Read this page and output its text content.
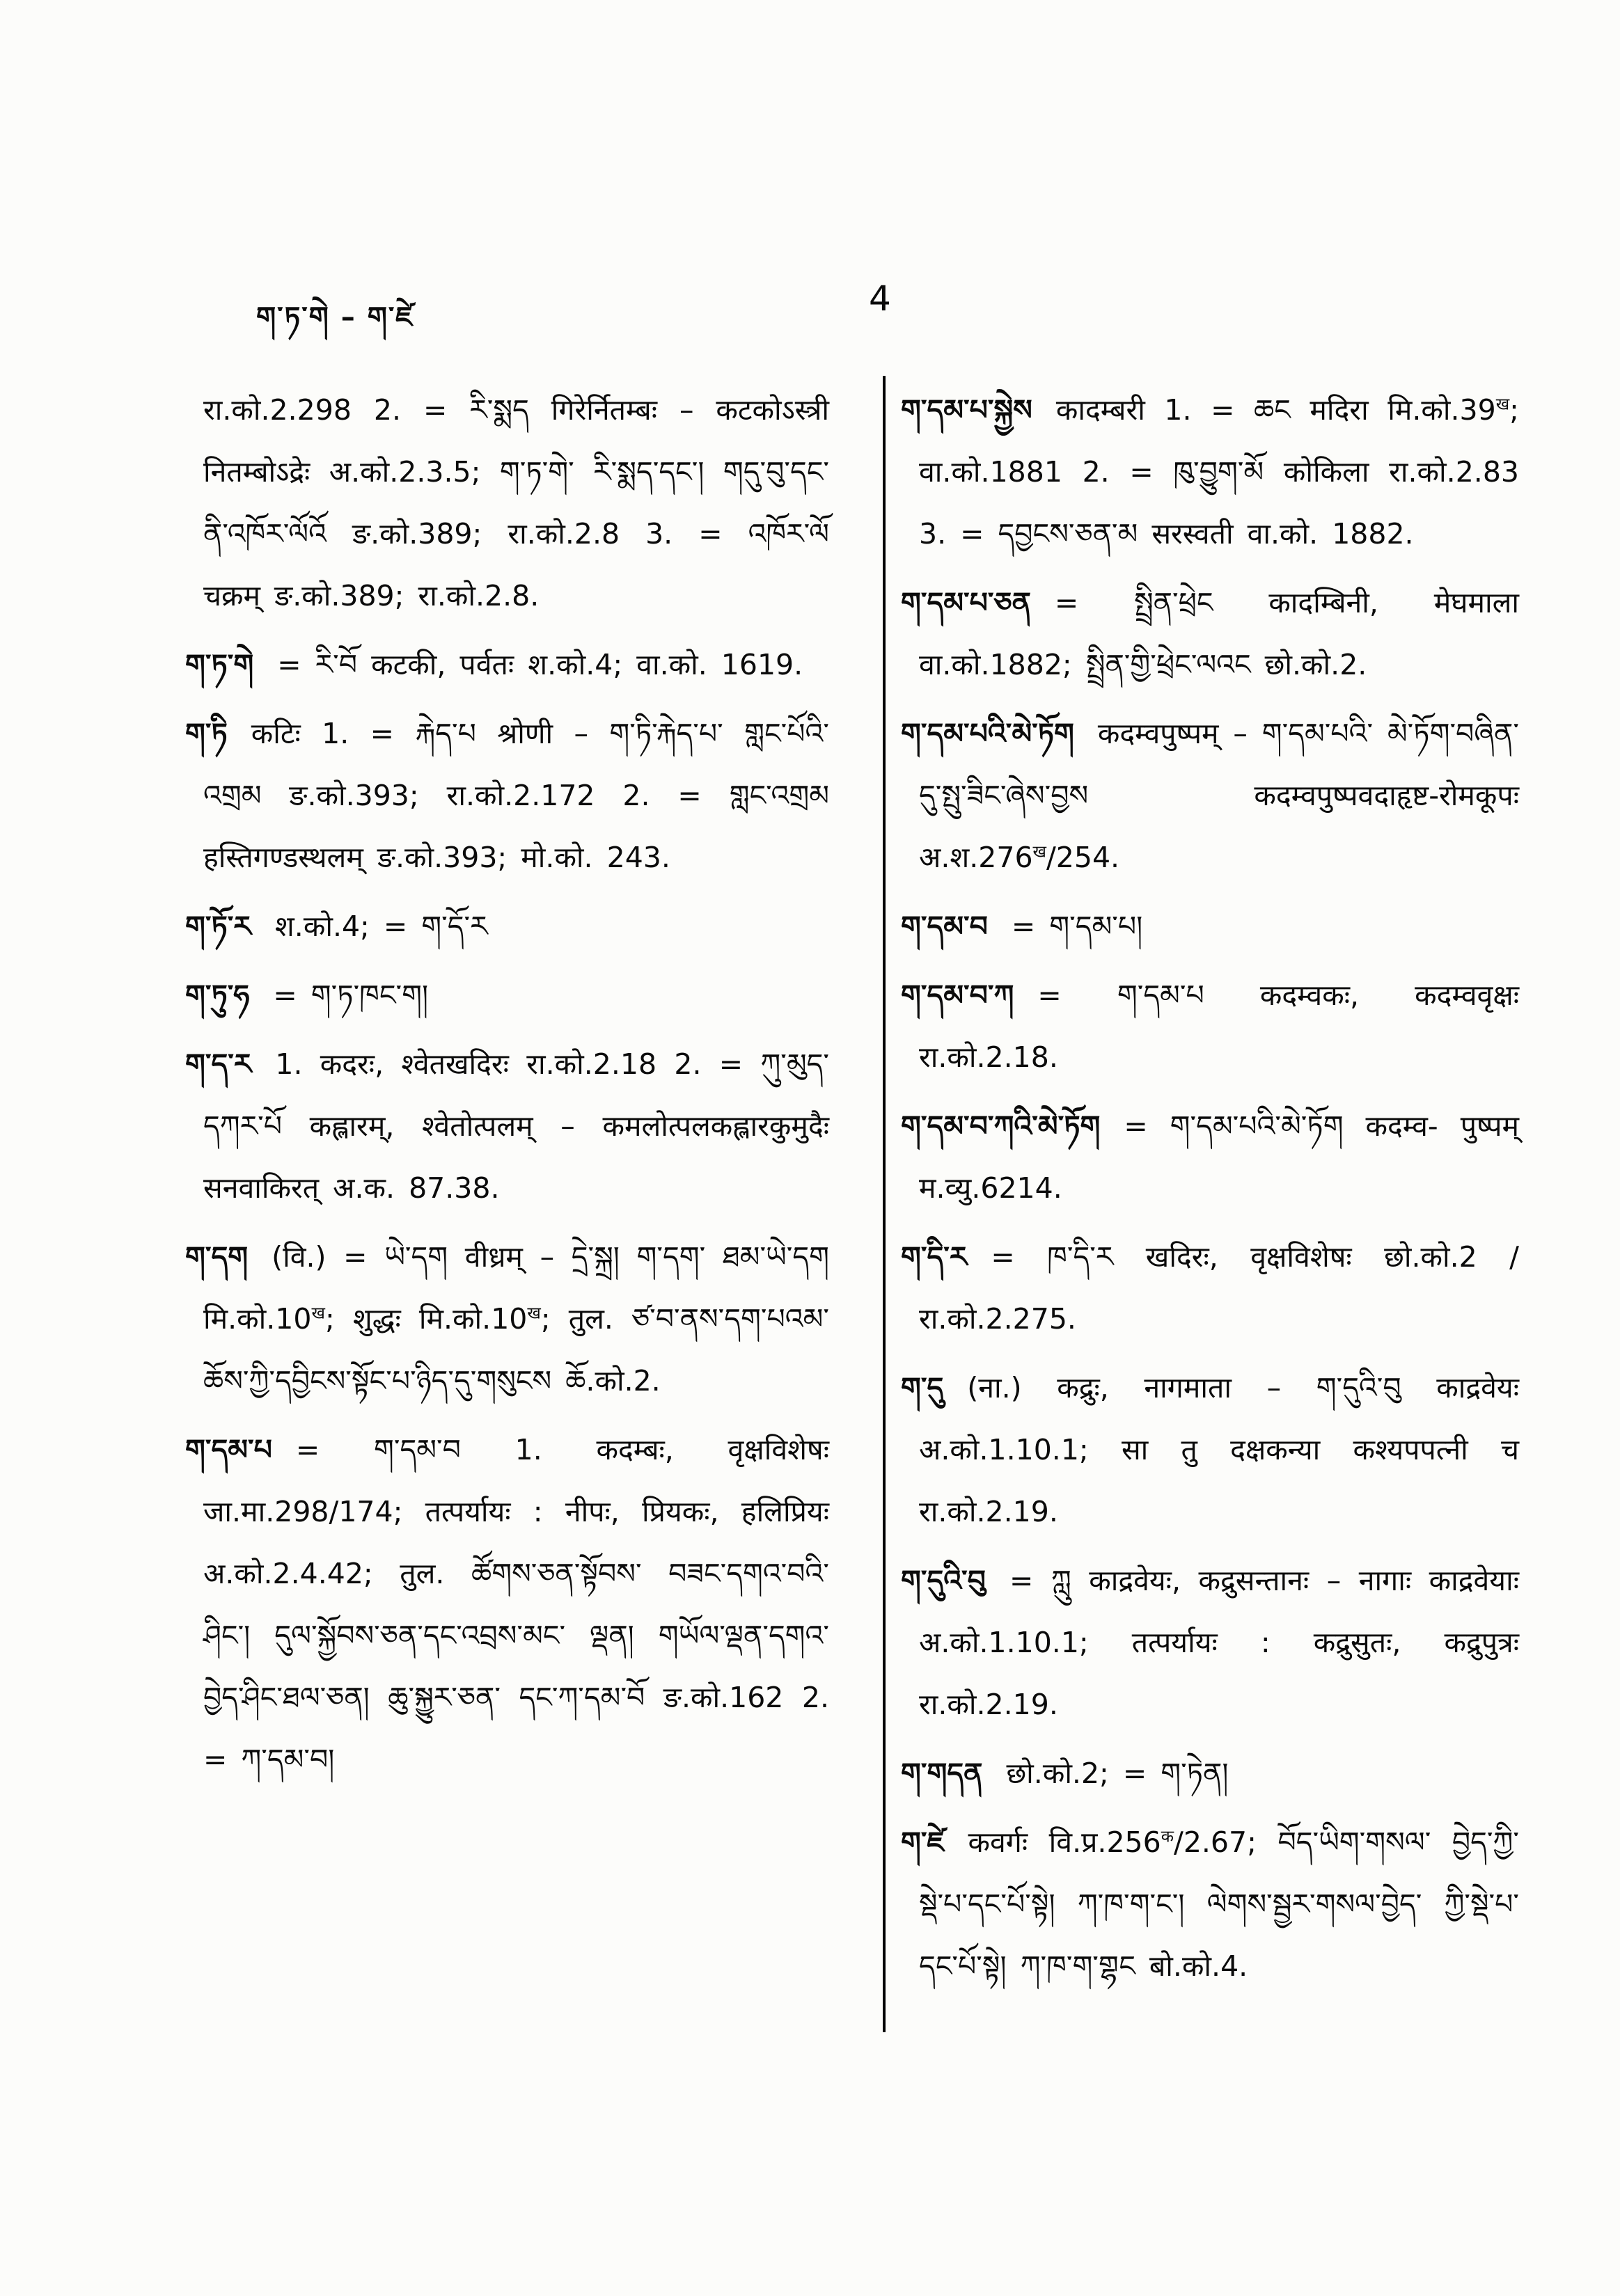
ག་ཏ་གེ – ག་ཛེ	4

रा.को.2.298 2. = རི་སྨད गिरेर्नितम्बः – कटकोऽस्त्री नितम्बोऽद्रेः अ.को.2.3.5; ག་ཏ་གེ་ རི་སྨད་དང་། གདུ་བུ་དང་ནི་འཁོར་ལོའོ ङ.को.389; रा.को.2.8 3. = འཁོར་ལོ चक्रम् ङ.को.389; रा.को.2.8.

ག་ཏ་གེ = རི་བོ कटकी, पर्वतः श.को.4; वा.को. 1619.

ག་ཏི कटिः 1. = རྐེད་པ श्रोणी – ག་ཏི་རྐེད་པ་ གླང་པོའི་འགྲམ ङ.को.393; रा.को.2.172 2. = གླང་འགྲམ हस्तिगण्डस्थलम् ङ.को.393; मो.को. 243.

ག་ཏོ་ར श.को.4; = ག་དོ་ར

ག་ཏུ་ཧ = ག་ཏ་ཁང་ག།

ག་ད་ར 1. कदरः, श्वेतखदिरः रा.को.2.18 2. = ཀུ་མུད་དཀར་པོ कह्लारम्, श्वेतोत्पलम् – कमलोत्पलकह्लारकुमुदैः सनवाकिरत् अ.क. 87.38.

ག་དག (वि.) = ཡེ་དག वीध्रम् – དྲེ་སྐྲ། ག་དག་ ཐམ་ཡེ་དག $मि.को.10^ख$; शुद्धः $मि.को.10^ख$; तुल. ཙ་བ་ནས་དག་པའམ་ཆོས་ཀྱི་དབྱིངས་སྟོང་པ་ཉིད་དུ་གསུངས ཆོ.को.2.

ག་དམ་པ = ག་དམ་བ 1. कदम्बः, वृक्षविशेषः जा.मा.298/174; तत्पर्यायः : नीपः, प्रियकः, हलिप्रियः अ.को.2.4.42; तुल. ཚོགས་ཅན་སྟོབས་ བཟང་དགའ་བའི་ཤིང་། དུལ་སྐྱོབས་ཅན་དང་འབྲས་མང་ ལྡན། གཡོལ་ལྡན་དགའ་བྱེད་ཤིང་ཐལ་ཅན། ཆུ་སྐྱུར་ཅན་ དང་ཀ་དམ་བོ ङ.को.162 2. = ཀ་དམ་བ།

ག་དམ་པ་སྐྱེས कादम्बरी 1. = ཆང मदिरा $मि.को.39^ख$; वा.को.1881 2. = ཁུ་བྱུག་མོ कोकिला रा.को.2.83 3. = དབྱངས་ཅན་མ सरस्वती वा.को. 1882.

ག་དམ་པ་ཅན = སྤྲིན་ཕྲེང कादम्बिनी, मेघमाला वा.को.1882; སྤྲིན་གྱི་ཕྲེང་ལའང छो.को.2.

ག་དམ་པའི་མེ་ཏོག कदम्वपुष्पम् – ག་དམ་པའི་ མེ་ཏོག་བཞིན་དུ་སྤུ་ཟིང་ཞེས་བྱས कदम्वपुष्पवदाहृष्ट-रोमकूपः $अ.श.276^ख/254$.

ག་དམ་བ = ག་དམ་པ།

ག་དམ་བ་ཀ = ག་དམ་པ कदम्वकः, कदम्ववृक्षः रा.को.2.18.

ག་དམ་བ་ཀའི་མེ་ཏོག = ག་དམ་པའི་མེ་ཏོག कदम्व- पुष्पम् म.व्यु.6214.

ག་དི་ར = ཁ་དི་ར खदिरः, वृक्षविशेषः छो.को.2 / रा.को.2.275.

ག་དུ (ना.) कद्रुः, नागमाता – ག་དུའི་བུ काद्रवेयः अ.को.1.10.1; सा तु दक्षकन्या कश्यपपत्नी च रा.को.2.19.

ག་དུའི་བུ = ཀླུ काद्रवेयः, कद्रुसन्तानः – नागाः काद्रवेयाः अ.को.1.10.1; तत्पर्यायः : कद्रुसुतः, कद्रुपुत्रः रा.को.2.19.

ག་གདན छो.को.2; = ག་ཏེན།

ག་ཛེ कवर्गः $वि.प्र.256^क/2.67$; བོད་ཡིག་གསལ་ བྱེད་ཀྱི་སྡེ་པ་དང་པོ་སྟེ། ཀ་ཁ་ག་ང་། ལེགས་སྦྱར་གསལ་བྱེད་ ཀྱི་སྡེ་པ་དང་པོ་སྟེ། ཀ་ཁ་ག་གྷང बो.को.4.
